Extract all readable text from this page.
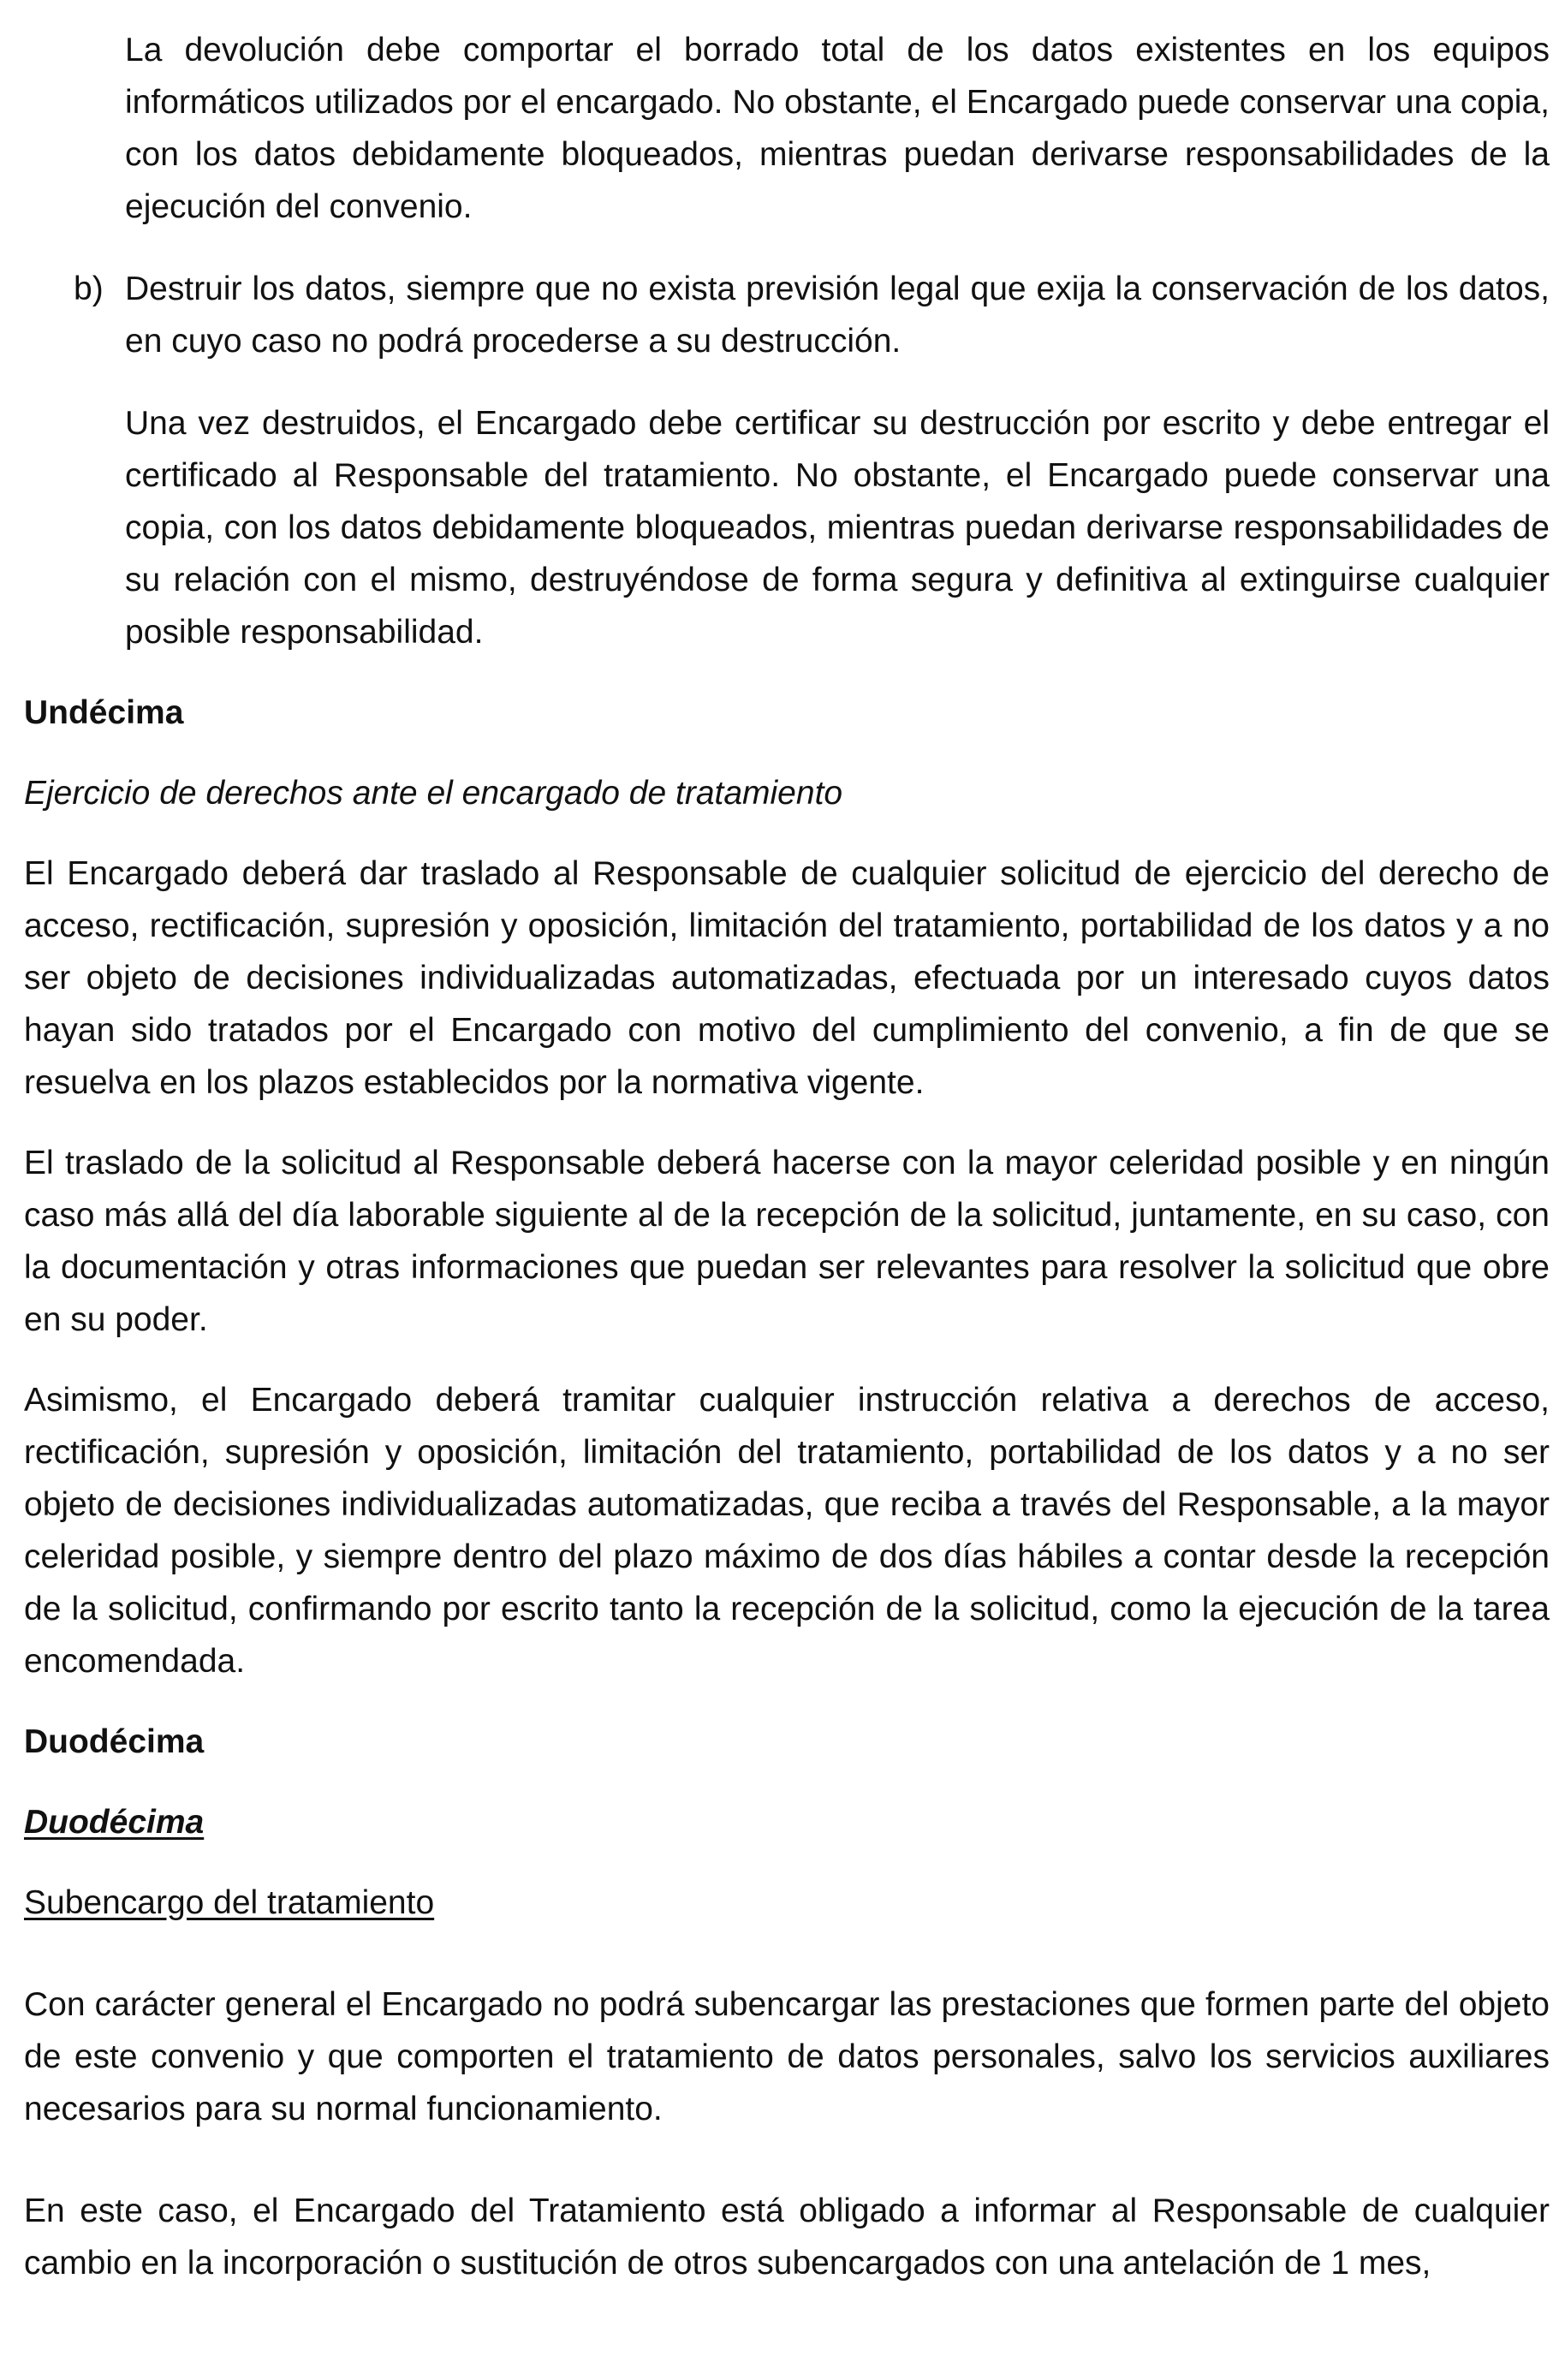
La devolución debe comportar el borrado total de los datos existentes en los equipos informáticos utilizados por el encargado. No obstante, el Encargado puede conservar una copia, con los datos debidamente bloqueados, mientras puedan derivarse responsabilidades de la ejecución del convenio.

b) Destruir los datos, siempre que no exista previsión legal que exija la conservación de los datos, en cuyo caso no podrá procederse a su destrucción.

Una vez destruidos, el Encargado debe certificar su destrucción por escrito y debe entregar el certificado al Responsable del tratamiento. No obstante, el Encargado puede conservar una copia, con los datos debidamente bloqueados, mientras puedan derivarse responsabilidades de su relación con el mismo, destruyéndose de forma segura y definitiva al extinguirse cualquier posible responsabilidad.

Undécima

Ejercicio de derechos ante el encargado de tratamiento

El Encargado deberá dar traslado al Responsable de cualquier solicitud de ejercicio del derecho de acceso, rectificación, supresión y oposición, limitación del tratamiento, portabilidad de los datos y a no ser objeto de decisiones individualizadas automatizadas, efectuada por un interesado cuyos datos hayan sido tratados por el Encargado con motivo del cumplimiento del convenio, a fin de que se resuelva en los plazos establecidos por la normativa vigente.

El traslado de la solicitud al Responsable deberá hacerse con la mayor celeridad posible y en ningún caso más allá del día laborable siguiente al de la recepción de la solicitud, juntamente, en su caso, con la documentación y otras informaciones que puedan ser relevantes para resolver la solicitud que obre en su poder.

Asimismo, el Encargado deberá tramitar cualquier instrucción relativa a derechos de acceso, rectificación, supresión y oposición, limitación del tratamiento, portabilidad de los datos y a no ser objeto de decisiones individualizadas automatizadas, que reciba a través del Responsable, a la mayor celeridad posible, y siempre dentro del plazo máximo de dos días hábiles a contar desde la recepción de la solicitud, confirmando por escrito tanto la recepción de la solicitud, como la ejecución de la tarea encomendada.

Duodécima

Duodécima

Subencargo del tratamiento

Con carácter general el Encargado no podrá subencargar las prestaciones que formen parte del objeto de este convenio y que comporten el tratamiento de datos personales, salvo los servicios auxiliares necesarios para su normal funcionamiento.

En este caso, el Encargado del Tratamiento está obligado a informar al Responsable de cualquier cambio en la incorporación o sustitución de otros subencargados con una antelación de 1 mes,
